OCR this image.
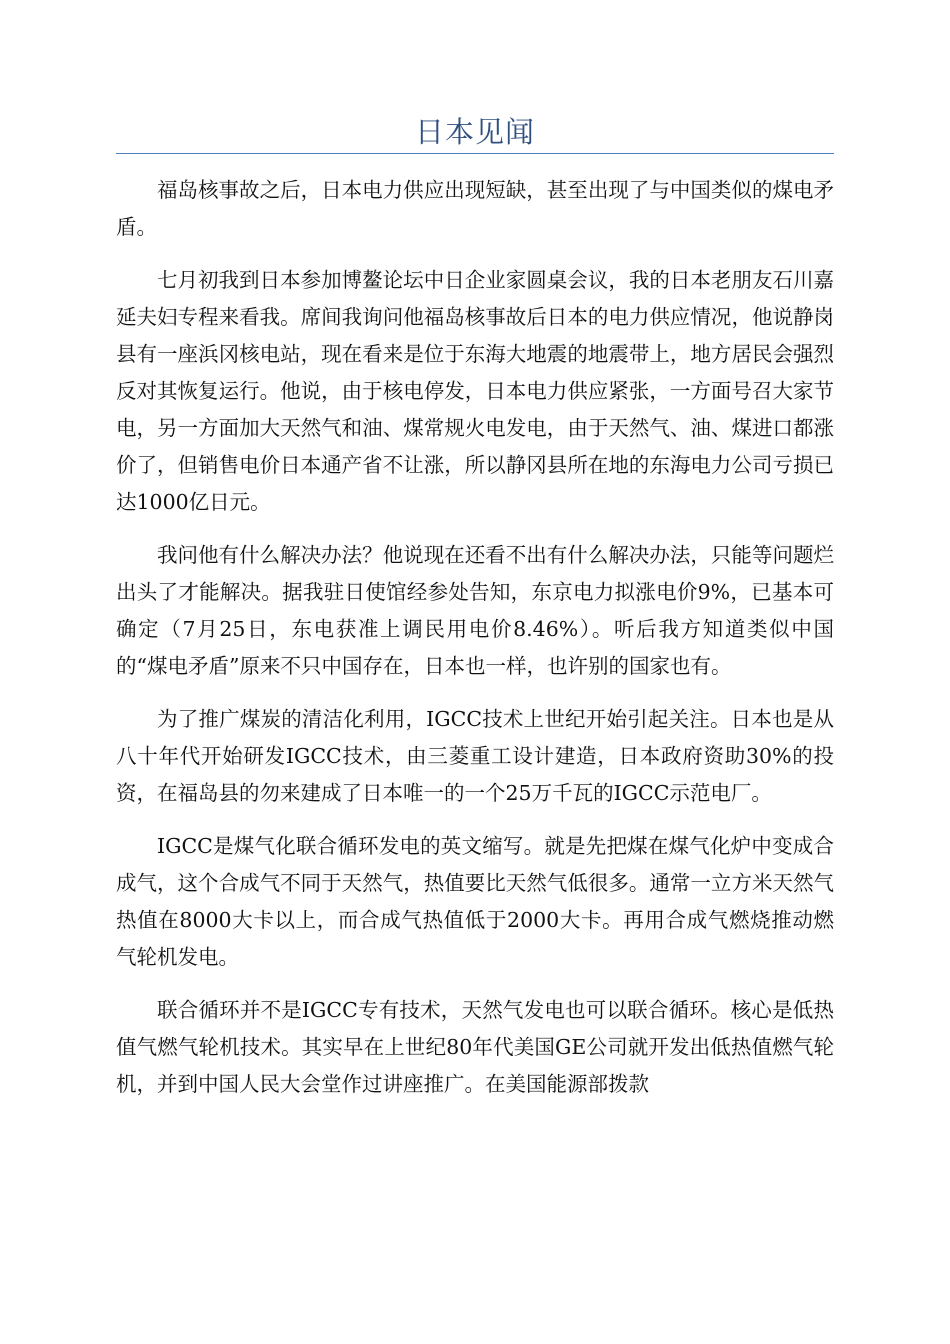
日本见闻

福岛核事故之后，日本电力供应出现短缺，甚至出现了与中国类似的煤电矛盾。

七月初我到日本参加博鳌论坛中日企业家圆桌会议，我的日本老朋友石川嘉延夫妇专程来看我。席间我询问他福岛核事故后日本的电力供应情况，他说静岗县有一座浜冈核电站，现在看来是位于东海大地震的地震带上，地方居民会强烈反对其恢复运行。他说，由于核电停发，日本电力供应紧张，一方面号召大家节电，另一方面加大天然气和油、煤常规火电发电，由于天然气、油、煤进口都涨价了，但销售电价日本通产省不让涨，所以静冈县所在地的东海电力公司亏损已达1000亿日元。

我问他有什么解决办法？他说现在还看不出有什么解决办法，只能等问题烂出头了才能解决。据我驻日使馆经参处告知，东京电力拟涨电价9%，已基本可确定（7月25日，东电获准上调民用电价8.46%）。听后我方知道类似中国的“煤电矛盾”原来不只中国存在，日本也一样，也许别的国家也有。

为了推广煤炭的清洁化利用，IGCC技术上世纪开始引起关注。日本也是从八十年代开始研发IGCC技术，由三菱重工设计建造，日本政府资助30%的投资，在福岛县的勿来建成了日本唯一的一个25万千瓦的IGCC示范电厂。

IGCC是煤气化联合循环发电的英文缩写。就是先把煤在煤气化炉中变成合成气，这个合成气不同于天然气，热值要比天然气低很多。通常一立方米天然气热值在8000大卡以上，而合成气热值低于2000大卡。再用合成气燃烧推动燃气轮机发电。

联合循环并不是IGCC专有技术，天然气发电也可以联合循环。核心是低热值气燃气轮机技术。其实早在上世纪80年代美国GE公司就开发出低热值燃气轮机，并到中国人民大会堂作过讲座推广。在美国能源部拨款
